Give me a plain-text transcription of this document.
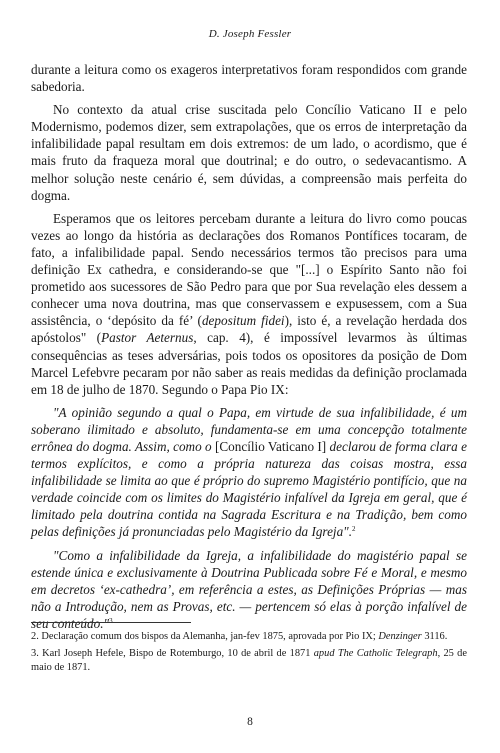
D. Joseph Fessler

durante a leitura como os exageros interpretativos foram respondidos com grande sabedoria.

No contexto da atual crise suscitada pelo Concílio Vaticano II e pelo Modernismo, podemos dizer, sem extrapolações, que os erros de interpretação da infalibilidade papal resultam em dois extremos: de um lado, o acordismo, que é mais fruto da fraqueza moral que doutrinal; e do outro, o sedevacantismo. A melhor solução neste cenário é, sem dúvidas, a compreensão mais perfeita do dogma.

Esperamos que os leitores percebam durante a leitura do livro como poucas vezes ao longo da história as declarações dos Romanos Pontífices tocaram, de fato, a infalibilidade papal. Sendo necessários termos tão precisos para uma definição Ex cathedra, e considerando-se que "[...] o Espírito Santo não foi prometido aos sucessores de São Pedro para que por Sua revelação eles dessem a conhecer uma nova doutrina, mas que conservassem e expusessem, com a Sua assistência, o ‘depósito da fé’ (depositum fidei), isto é, a revelação herdada dos apóstolos" (Pastor Aeternus, cap. 4), é impossível levarmos às últimas consequências as teses adversárias, pois todos os opositores da posição de Dom Marcel Lefebvre pecaram por não saber as reais medidas da definição proclamada em 18 de julho de 1870. Segundo o Papa Pio IX:

"A opinião segundo a qual o Papa, em virtude de sua infalibilidade, é um soberano ilimitado e absoluto, fundamenta-se em uma concepção totalmente errônea do dogma. Assim, como o [Concílio Vaticano I] declarou de forma clara e termos explícitos, e como a própria natureza das coisas mostra, essa infalibilidade se limita ao que é próprio do supremo Magistério pontifício, que na verdade coincide com os limites do Magistério infalível da Igreja em geral, que é limitado pela doutrina contida na Sagrada Escritura e na Tradição, bem como pelas definições já pronunciadas pelo Magistério da Igreja".$^2$

"Como a infalibilidade da Igreja, a infalibilidade do magistério papal se estende única e exclusivamente à Doutrina Publicada sobre Fé e Moral, e mesmo em decretos ‘ex-cathedra’, em referência a estes, as Definições Próprias — mas não a Introdução, nem as Provas, etc. — pertencem só elas à porção infalível de seu conteúdo."$^3$

2. Declaração comum dos bispos da Alemanha, jan-fev 1875, aprovada por Pio IX; Denzinger 3116.

3. Karl Joseph Hefele, Bispo de Rotemburgo, 10 de abril de 1871 apud The Catholic Telegraph, 25 de maio de 1871.

8
